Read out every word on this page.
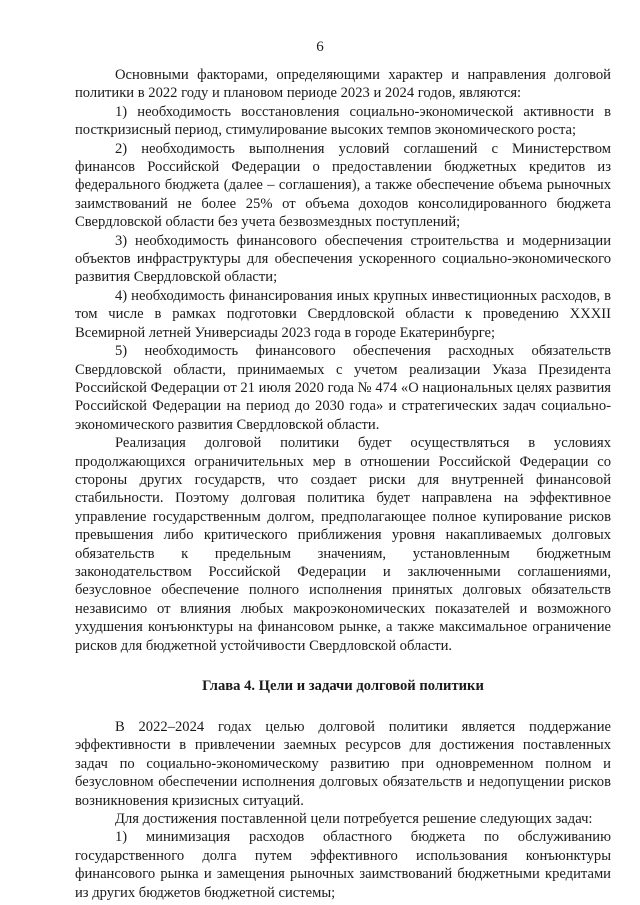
6

Основными факторами, определяющими характер и направления долговой политики в 2022 году и плановом периоде 2023 и 2024 годов, являются:

1) необходимость восстановления социально-экономической активности в посткризисный период, стимулирование высоких темпов экономического роста;

2) необходимость выполнения условий соглашений с Министерством финансов Российской Федерации о предоставлении бюджетных кредитов из федерального бюджета (далее – соглашения), а также обеспечение объема рыночных заимствований не более 25% от объема доходов консолидированного бюджета Свердловской области без учета безвозмездных поступлений;

3) необходимость финансового обеспечения строительства и модернизации объектов инфраструктуры для обеспечения ускоренного социально-экономического развития Свердловской области;

4) необходимость финансирования иных крупных инвестиционных расходов, в том числе в рамках подготовки Свердловской области к проведению XXXII Всемирной летней Универсиады 2023 года в городе Екатеринбурге;

5) необходимость финансового обеспечения расходных обязательств Свердловской области, принимаемых с учетом реализации Указа Президента Российской Федерации от 21 июля 2020 года № 474 «О национальных целях развития Российской Федерации на период до 2030 года» и стратегических задач социально-экономического развития Свердловской области.

Реализация долговой политики будет осуществляться в условиях продолжающихся ограничительных мер в отношении Российской Федерации со стороны других государств, что создает риски для внутренней финансовой стабильности. Поэтому долговая политика будет направлена на эффективное управление государственным долгом, предполагающее полное купирование рисков превышения либо критического приближения уровня накапливаемых долговых обязательств к предельным значениям, установленным бюджетным законодательством Российской Федерации и заключенными соглашениями, безусловное обеспечение полного исполнения принятых долговых обязательств независимо от влияния любых макроэкономических показателей и возможного ухудшения конъюнктуры на финансовом рынке, а также максимальное ограничение рисков для бюджетной устойчивости Свердловской области.

Глава 4. Цели и задачи долговой политики

В 2022–2024 годах целью долговой политики является поддержание эффективности в привлечении заемных ресурсов для достижения поставленных задач по социально-экономическому развитию при одновременном полном и безусловном обеспечении исполнения долговых обязательств и недопущении рисков возникновения кризисных ситуаций.

Для достижения поставленной цели потребуется решение следующих задач:

1) минимизация расходов областного бюджета по обслуживанию государственного долга путем эффективного использования конъюнктуры финансового рынка и замещения рыночных заимствований бюджетными кредитами из других бюджетов бюджетной системы;
